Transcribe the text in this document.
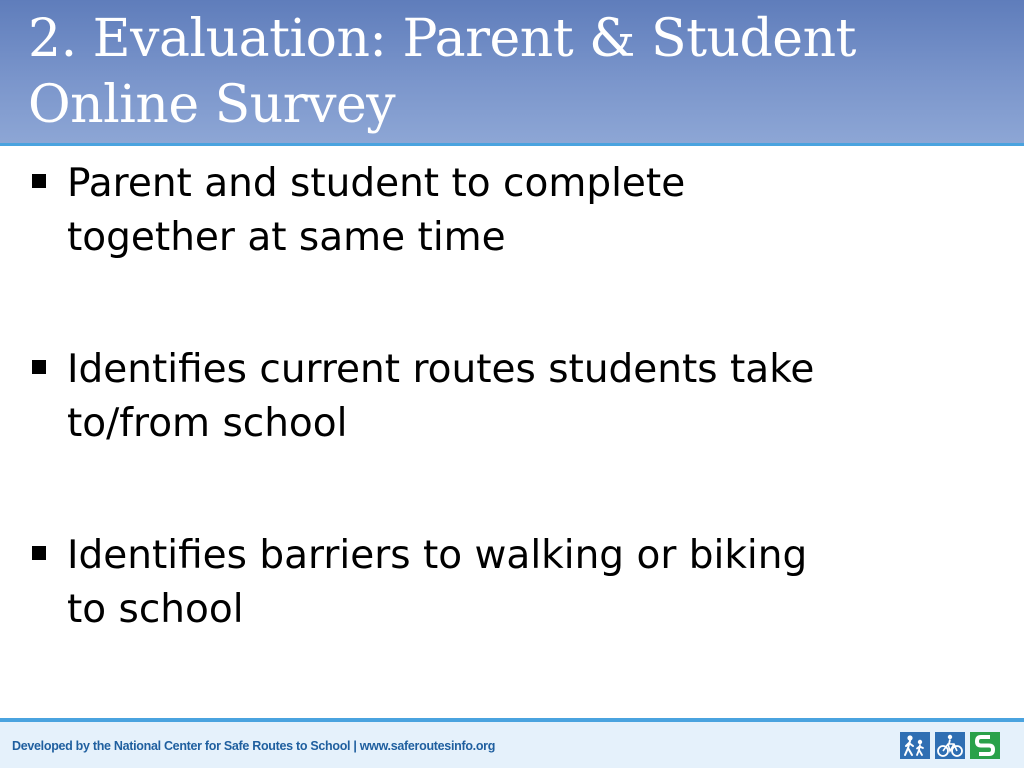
2. Evaluation: Parent & Student
Online Survey
Parent and student to complete
together at same time
Identifies current routes students take
to/from school
Identifies barriers to walking or biking
to school
Developed by the National Center for Safe Routes to School | www.saferoutesinfo.org
